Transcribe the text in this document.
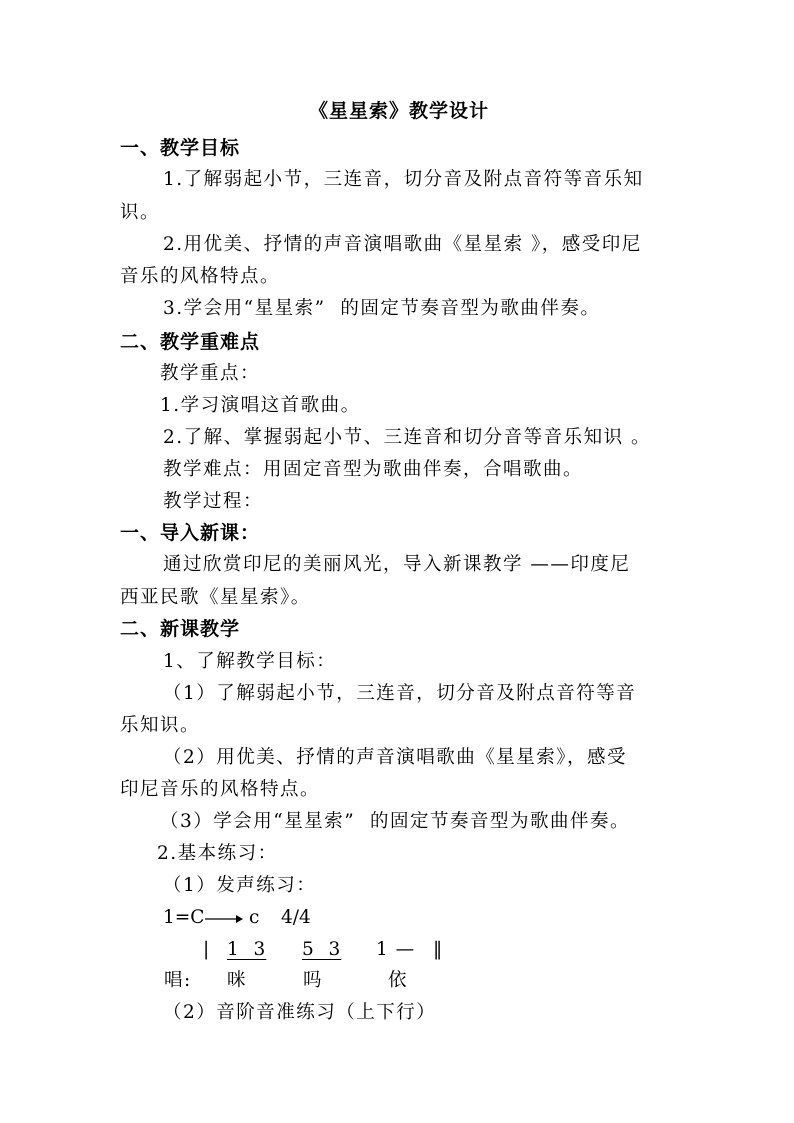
《星星索》教学设计
一、教学目标
1.了解弱起小节，三连音，切分音及附点音符等音乐知
识。
2.用优美、抒情的声音演唱歌曲《星星索 》，感受印尼
音乐的风格特点。
3.学会用“星星索”  的固定节奏音型为歌曲伴奏。
二、教学重难点
教学重点：
1.学习演唱这首歌曲。
2.了解、掌握弱起小节、三连音和切分音等音乐知识 。
教学难点：用固定音型为歌曲伴奏，合唱歌曲。
教学过程：
一、导入新课：
通过欣赏印尼的美丽风光，导入新课教学 ——印度尼
西亚民歌《星星索》。
二、新课教学
1、了解教学目标：
（1）了解弱起小节，三连音，切分音及附点音符等音
乐知识。
（2）用优美、抒情的声音演唱歌曲《星星索》，感受
印尼音乐的风格特点。
（3）学会用“星星索”  的固定节奏音型为歌曲伴奏。
2.基本练习：
（1）发声练习：
1=C c 4/4
| 1  3 5  3 1 — ‖
唱: 咪	吗	依
（2）音阶音准练习（上下行）
